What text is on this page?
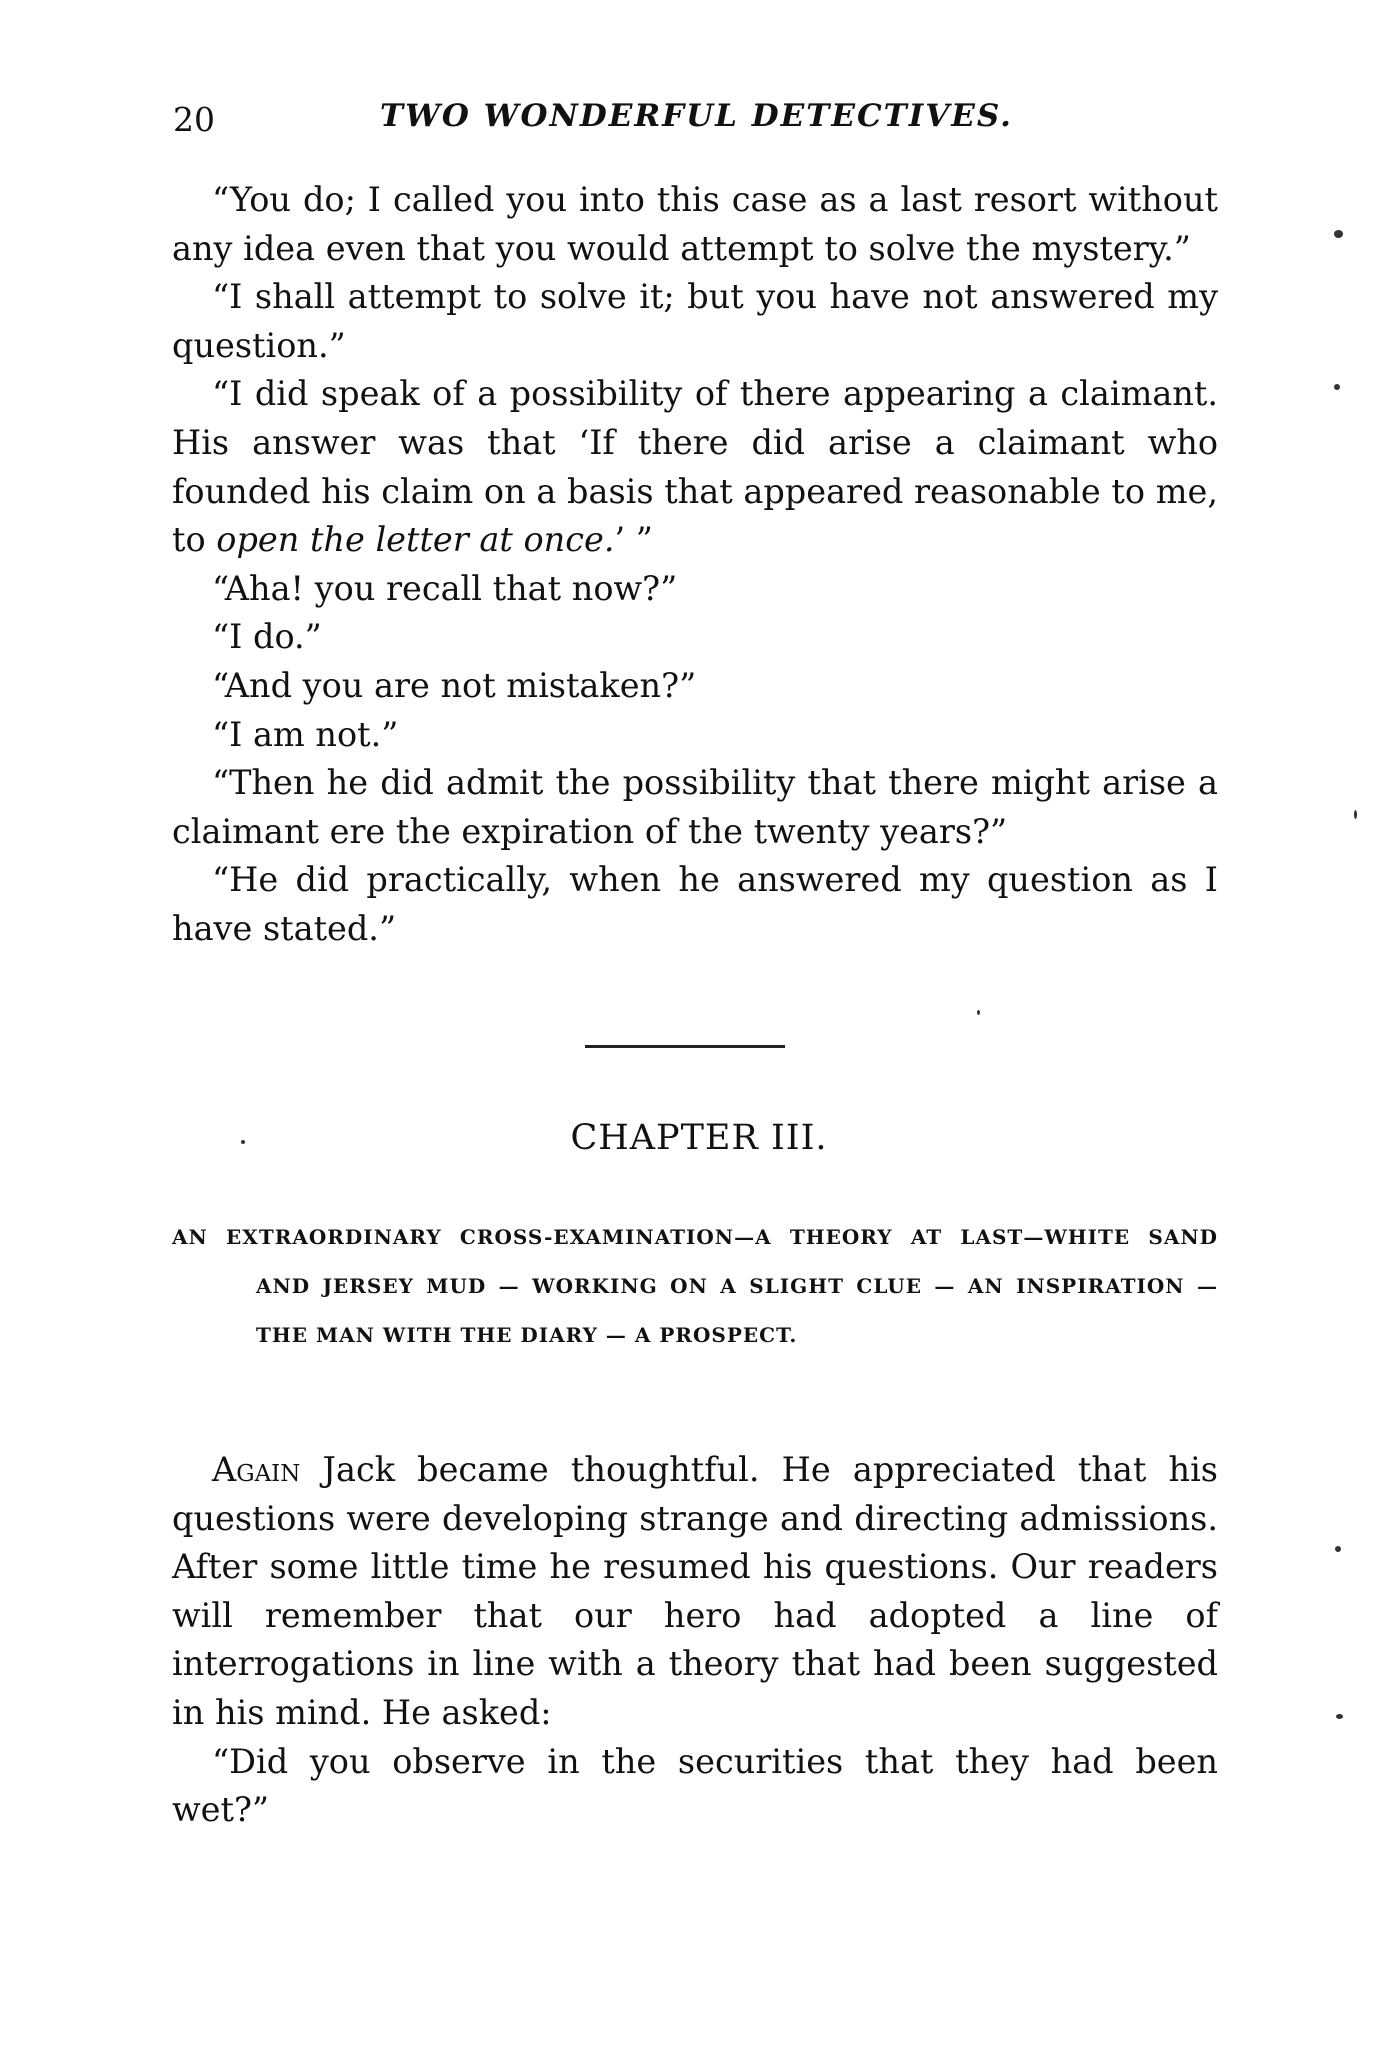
20	TWO WONDERFUL DETECTIVES.

“You do; I called you into this case as a last resort without any idea even that you would attempt to solve the mystery.”

“I shall attempt to solve it; but you have not answered my question.”

“I did speak of a possibility of there appearing a claimant. His answer was that ‘If there did arise a claimant who founded his claim on a basis that appeared reasonable to me, to open the letter at once.’ ”

“Aha! you recall that now?”

“I do.”

“And you are not mistaken?”

“I am not.”

“Then he did admit the possibility that there might arise a claimant ere the expiration of the twenty years?”

“He did practically, when he answered my question as I have stated.”

CHAPTER III.
AN EXTRAORDINARY CROSS-EXAMINATION—A THEORY AT LAST—WHITE SAND AND JERSEY MUD — WORKING ON A SLIGHT CLUE — AN INSPIRATION — THE MAN WITH THE DIARY — A PROSPECT.

Again Jack became thoughtful. He appreciated that his questions were developing strange and directing admissions. After some little time he resumed his questions. Our readers will remember that our hero had adopted a line of interrogations in line with a theory that had been suggested in his mind. He asked:

“Did you observe in the securities that they had been wet?”
